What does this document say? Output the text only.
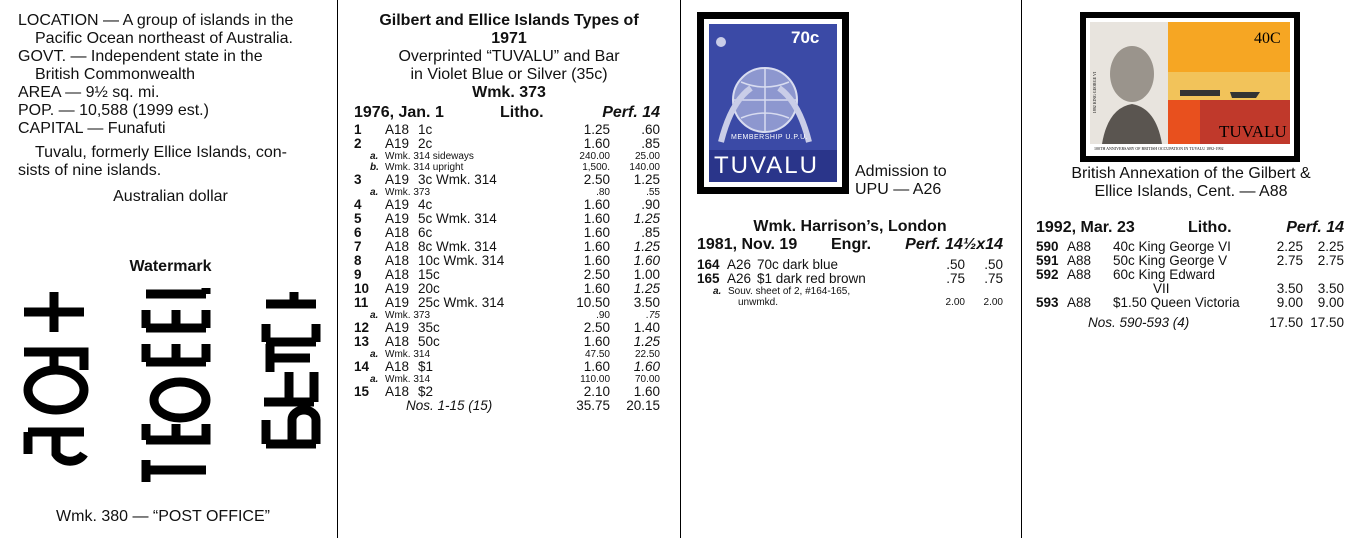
LOCATION — A group of islands in the
Pacific Ocean northeast of Australia.
GOVT. — Independent state in the
British Commonwealth
AREA — 9½ sq. mi.
POP. — 10,588 (1999 est.)
CAPITAL — Funafuti
Tuvalu, formerly Ellice Islands, con-
sists of nine islands.
Australian dollar
Watermark
Wmk. 380 — “POST OFFICE”
Gilbert and Ellice Islands Types of
1971
Overprinted “TUVALU” and Bar
in Violet Blue or Silver (35c)
Wmk. 373
1976, Jan. 1	Litho.	Perf. 14
1 A18 1c	1.25 .60
2 A19 2c	1.60 .85
a. Wmk. 314 sideways	240.00 25.00
b. Wmk. 314 upright	1,500. 140.00
3 A19 3c Wmk. 314	2.50 1.25
a. Wmk. 373	.80	.55
4 A19 4c	1.60 .90
5 A19 5c Wmk. 314	1.60 1.25
6 A18 6c	1.60 .85
7 A18 8c Wmk. 314	1.60 1.25
8 A18 10c Wmk. 314	1.60 1.60
9 A18 15c	2.50 1.00
10 A19 20c	1.60 1.25
11 A19 25c Wmk. 314	10.50 3.50
a. Wmk. 373	.90	.75
12 A19 35c	2.50 1.40
13 A18 50c	1.60 1.25
a. Wmk. 314	47.50 22.50
14 A18 $1	1.60 1.60
a. Wmk. 314	110.00 70.00
15 A18 $2	2.10 1.60
Nos. 1-15 (15)	35.75 20.15
70c
MEMBERSHIP U.P.U.
TUVALU Admission to
UPU — A26
Wmk. Harrison’s, London
1981, Nov. 19 Engr. Perf. 14½x14
164 A26 70c dark blue	.50 .50
165 A26 $1 dark red brown	.75 .75
a. Souv. sheet of 2, #164-165,
unwmkd.	2.00 2.00
40C
TUVALU
100TH ANNIVERSARY OF BRITISH OCCUPATION IN TUVALU 1892-1992
1892 KING GEORGE VI
British Annexation of the Gilbert &
Ellice Islands, Cent. — A88
1992, Mar. 23	Litho.	Perf. 14
590 A88 40c King George VI	2.25 2.25
591 A88 50c King George V	2.75 2.75
592 A88 60c King Edward
VII	3.50 3.50
593 A88 $1.50 Queen Victoria	9.00 9.00
Nos. 590-593 (4)	17.50 17.50
